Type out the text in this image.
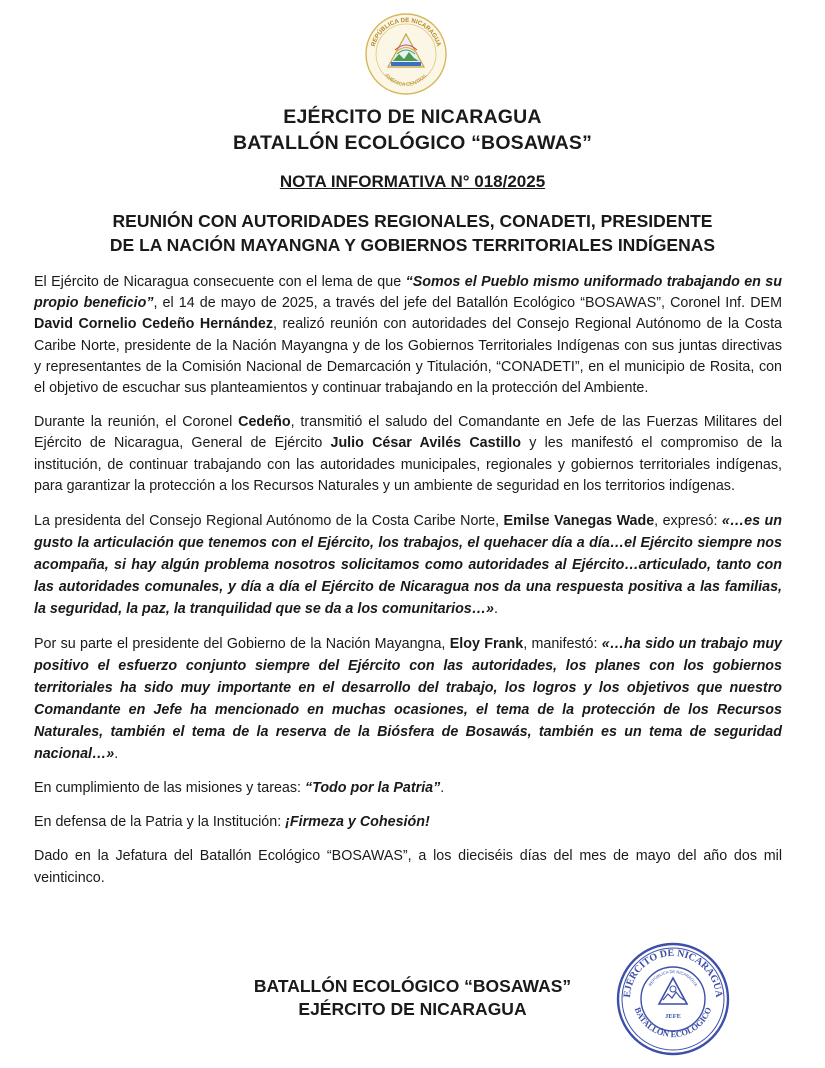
REPÚBLICA DE NICARAGUA
AMÉRICA CENTRAL
EJÉRCITO DE NICARAGUA
BATALLÓN ECOLÓGICO “BOSAWAS”
NOTA INFORMATIVA N° 018/2025
REUNIÓN CON AUTORIDADES REGIONALES, CONADETI, PRESIDENTE
DE LA NACIÓN MAYANGNA Y GOBIERNOS TERRITORIALES INDÍGENAS

El Ejército de Nicaragua consecuente con el lema de que “Somos el Pueblo mismo uniformado trabajando en su propio beneficio”, el 14 de mayo de 2025, a través del jefe del Batallón Ecológico “BOSAWAS”, Coronel Inf. DEM David Cornelio Cedeño Hernández, realizó reunión con autoridades del Consejo Regional Autónomo de la Costa Caribe Norte, presidente de la Nación Mayangna y de los Gobiernos Territoriales Indígenas con sus juntas directivas y representantes de la Comisión Nacional de Demarcación y Titulación, “CONADETI”, en el municipio de Rosita, con el objetivo de escuchar sus planteamientos y continuar trabajando en la protección del Ambiente.

Durante la reunión, el Coronel Cedeño, transmitió el saludo del Comandante en Jefe de las Fuerzas Militares del Ejército de Nicaragua, General de Ejército Julio César Avilés Castillo y les manifestó el compromiso de la institución, de continuar trabajando con las autoridades municipales, regionales y gobiernos territoriales indígenas, para garantizar la protección a los Recursos Naturales y un ambiente de seguridad en los territorios indígenas.

La presidenta del Consejo Regional Autónomo de la Costa Caribe Norte, Emilse Vanegas Wade, expresó: «…es un gusto la articulación que tenemos con el Ejército, los trabajos, el quehacer día a día…el Ejército siempre nos acompaña, si hay algún problema nosotros solicitamos como autoridades al Ejército…articulado, tanto con las autoridades comunales, y día a día el Ejército de Nicaragua nos da una respuesta positiva a las familias, la seguridad, la paz, la tranquilidad que se da a los comunitarios…».

Por su parte el presidente del Gobierno de la Nación Mayangna, Eloy Frank, manifestó: «…ha sido un trabajo muy positivo el esfuerzo conjunto siempre del Ejército con las autoridades, los planes con los gobiernos territoriales ha sido muy importante en el desarrollo del trabajo, los logros y los objetivos que nuestro Comandante en Jefe ha mencionado en muchas ocasiones, el tema de la protección de los Recursos Naturales, también el tema de la reserva de la Biósfera de Bosawás, también es un tema de seguridad nacional…».

En cumplimiento de las misiones y tareas: “Todo por la Patria”.

En defensa de la Patria y la Institución: ¡Firmeza y Cohesión!

Dado en la Jefatura del Batallón Ecológico “BOSAWAS”, a los dieciséis días del mes de mayo del año dos mil veinticinco.

BATALLÓN ECOLÓGICO “BOSAWAS”
EJÉRCITO DE NICARAGUA
EJÉRCITO DE NICARAGUA
BATALLÓN ECOLÓGICO
REPÚBLICA DE NICARAGUA
JEFE
